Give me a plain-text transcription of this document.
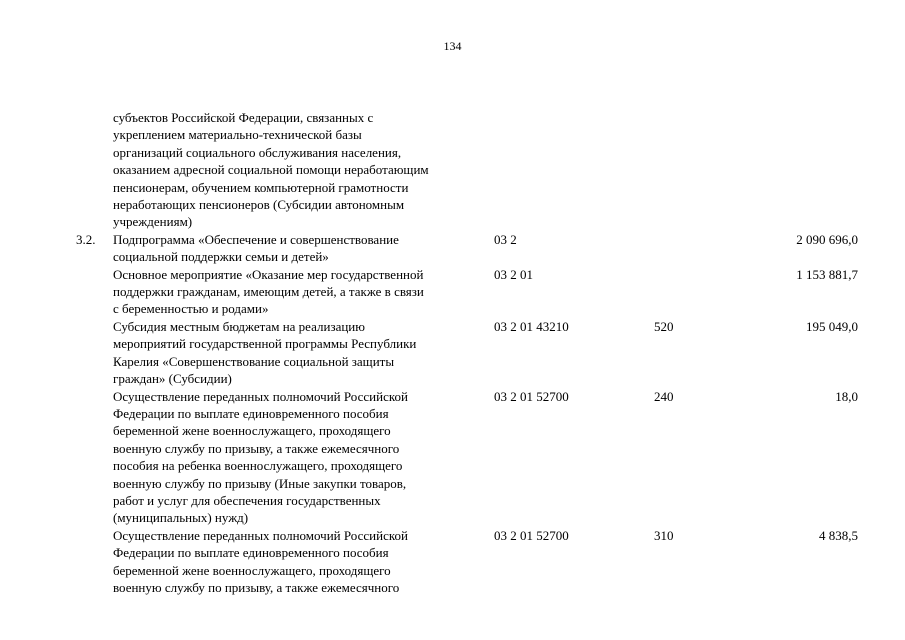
134
субъектов Российской Федерации, связанных с
укреплением материально-технической базы
организаций социального обслуживания населения,
оказанием адресной социальной помощи неработающим
пенсионерам, обучением компьютерной грамотности
неработающих пенсионеров (Субсидии автономным
учреждениям)
3.2. Подпрограмма «Обеспечение и совершенствование
социальной поддержки семьи и детей»
03 2	2 090 696,0
Основное мероприятие «Оказание мер государственной
поддержки гражданам, имеющим детей, а также в связи
с беременностью и родами»
03 2 01	1 153 881,7
Субсидия местным бюджетам на реализацию
мероприятий государственной программы Республики
Карелия «Совершенствование социальной защиты
граждан» (Субсидии)
03 2 01 43210	520	195 049,0
Осуществление переданных полномочий Российской
Федерации по выплате единовременного пособия
беременной жене военнослужащего, проходящего
военную службу по призыву, а также ежемесячного
пособия на ребенка военнослужащего, проходящего
военную службу по призыву (Иные закупки товаров,
работ и услуг для обеспечения государственных
(муниципальных) нужд)
03 2 01 52700	240	18,0
Осуществление переданных полномочий Российской
Федерации по выплате единовременного пособия
беременной жене военнослужащего, проходящего
военную службу по призыву, а также ежемесячного
03 2 01 52700	310	4 838,5
